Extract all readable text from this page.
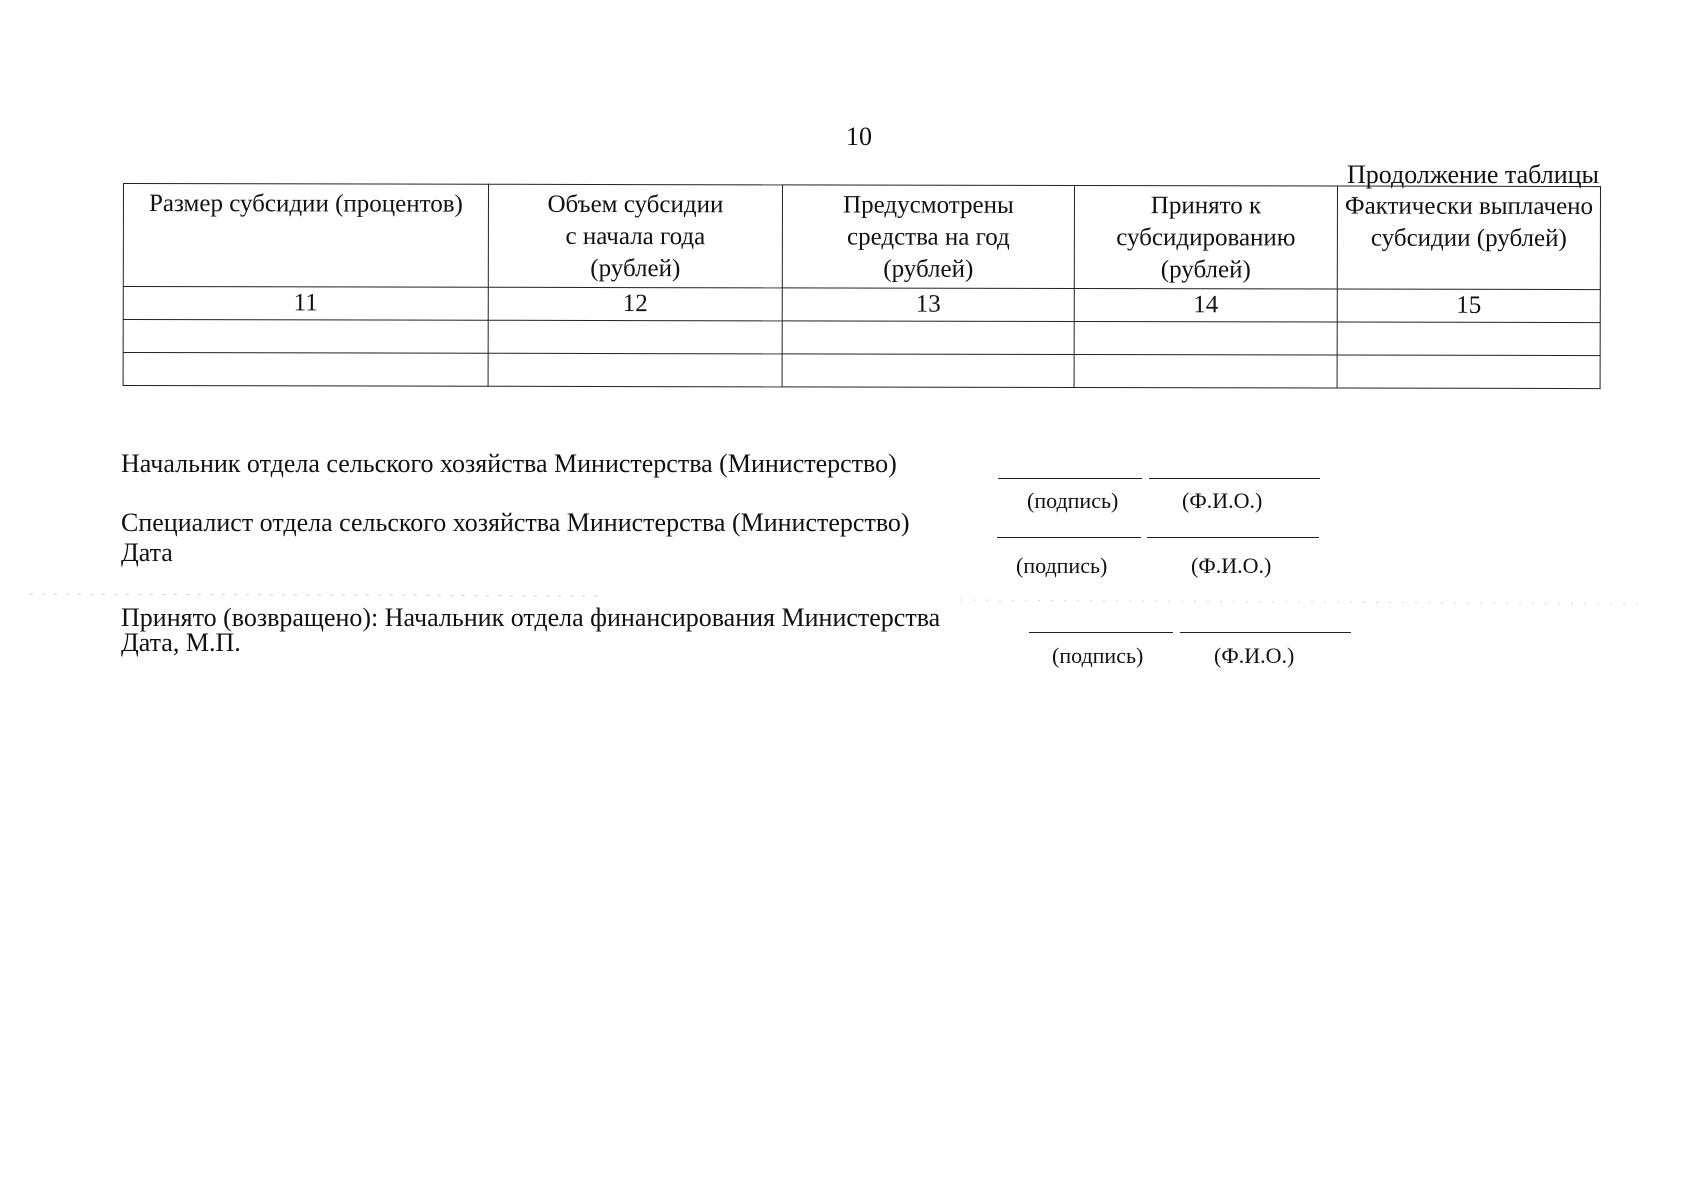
10
Продолжение таблицы
Размер субсидии (процентов)	Объем субсидии с начала года (рублей)	Предусмотрены средства на год (рублей)	Принято к субсидированию (рублей)	Фактически выплачено субсидии (рублей)
11	12	13	14	15

Начальник отдела сельского хозяйства Министерства (Министерство)
(подпись)	(Ф.И.О.)
Специалист отдела сельского хозяйства Министерства (Министерство)
Дата	(подпись)	(Ф.И.О.)
Принято (возвращено): Начальник отдела финансирования Министерства
Дата, М.П.	(подпись)	(Ф.И.О.)
